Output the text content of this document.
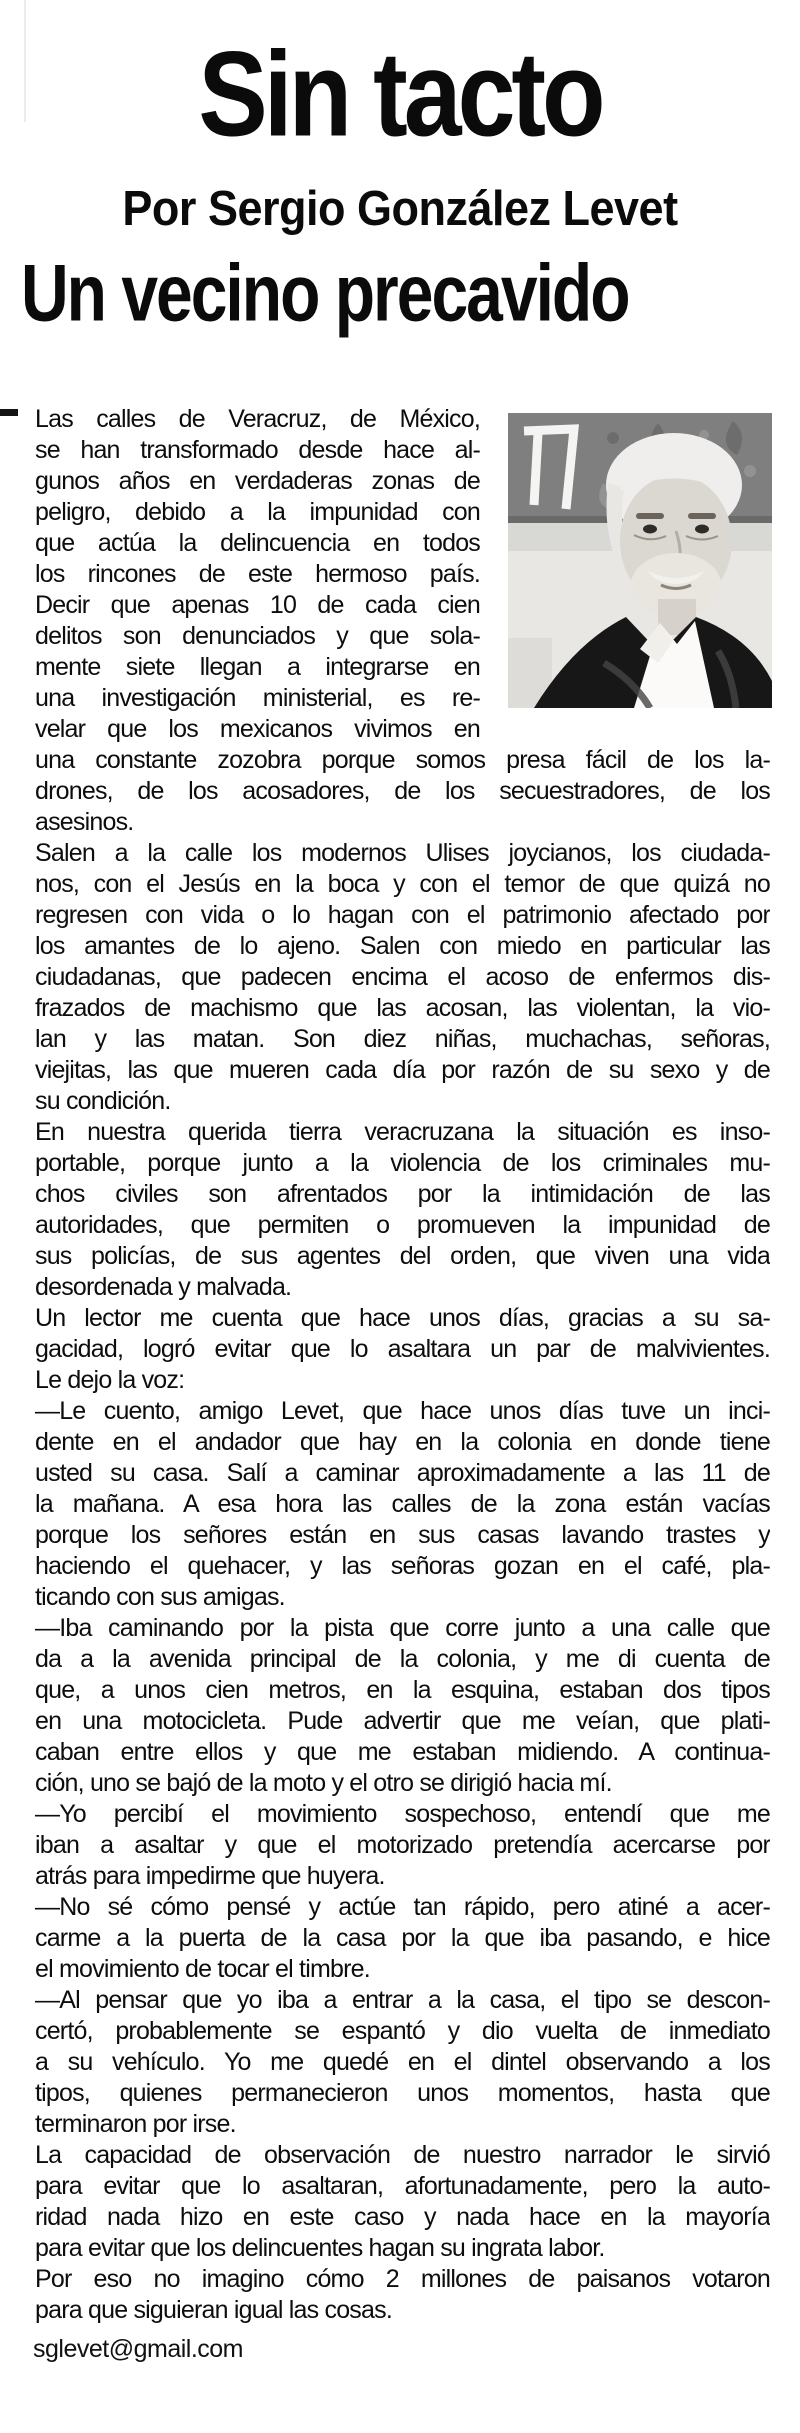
Sin tacto
Por Sergio González Levet
Un vecino precavido
Las calles de Veracruz, de México,
se han transformado desde hace al-
gunos años en verdaderas zonas de
peligro, debido a la impunidad con
que actúa la delincuencia en todos
los rincones de este hermoso país.
Decir que apenas 10 de cada cien
delitos son denunciados y que sola-
mente siete llegan a integrarse en
una investigación ministerial, es re-
velar que los mexicanos vivimos en
una constante zozobra porque somos presa fácil de los la-
drones, de los acosadores, de los secuestradores, de los
asesinos.
Salen a la calle los modernos Ulises joycianos, los ciudada-
nos, con el Jesús en la boca y con el temor de que quizá no
regresen con vida o lo hagan con el patrimonio afectado por
los amantes de lo ajeno. Salen con miedo en particular las
ciudadanas, que padecen encima el acoso de enfermos dis-
frazados de machismo que las acosan, las violentan, la vio-
lan y las matan. Son diez niñas, muchachas, señoras,
viejitas, las que mueren cada día por razón de su sexo y de
su condición.
En nuestra querida tierra veracruzana la situación es inso-
portable, porque junto a la violencia de los criminales mu-
chos civiles son afrentados por la intimidación de las
autoridades, que permiten o promueven la impunidad de
sus policías, de sus agentes del orden, que viven una vida
desordenada y malvada.
Un lector me cuenta que hace unos días, gracias a su sa-
gacidad, logró evitar que lo asaltara un par de malvivientes.
Le dejo la voz:
—Le cuento, amigo Levet, que hace unos días tuve un inci-
dente en el andador que hay en la colonia en donde tiene
usted su casa. Salí a caminar aproximadamente a las 11 de
la mañana. A esa hora las calles de la zona están vacías
porque los señores están en sus casas lavando trastes y
haciendo el quehacer, y las señoras gozan en el café, pla-
ticando con sus amigas.
—Iba caminando por la pista que corre junto a una calle que
da a la avenida principal de la colonia, y me di cuenta de
que, a unos cien metros, en la esquina, estaban dos tipos
en una motocicleta. Pude advertir que me veían, que plati-
caban entre ellos y que me estaban midiendo. A continua-
ción, uno se bajó de la moto y el otro se dirigió hacia mí.
—Yo percibí el movimiento sospechoso, entendí que me
iban a asaltar y que el motorizado pretendía acercarse por
atrás para impedirme que huyera.
—No sé cómo pensé y actúe tan rápido, pero atiné a acer-
carme a la puerta de la casa por la que iba pasando, e hice
el movimiento de tocar el timbre.
—Al pensar que yo iba a entrar a la casa, el tipo se descon-
certó, probablemente se espantó y dio vuelta de inmediato
a su vehículo. Yo me quedé en el dintel observando a los
tipos, quienes permanecieron unos momentos, hasta que
terminaron por irse.
La capacidad de observación de nuestro narrador le sirvió
para evitar que lo asaltaran, afortunadamente, pero la auto-
ridad nada hizo en este caso y nada hace en la mayoría
para evitar que los delincuentes hagan su ingrata labor.
Por eso no imagino cómo 2 millones de paisanos votaron
para que siguieran igual las cosas.
sglevet@gmail.com
